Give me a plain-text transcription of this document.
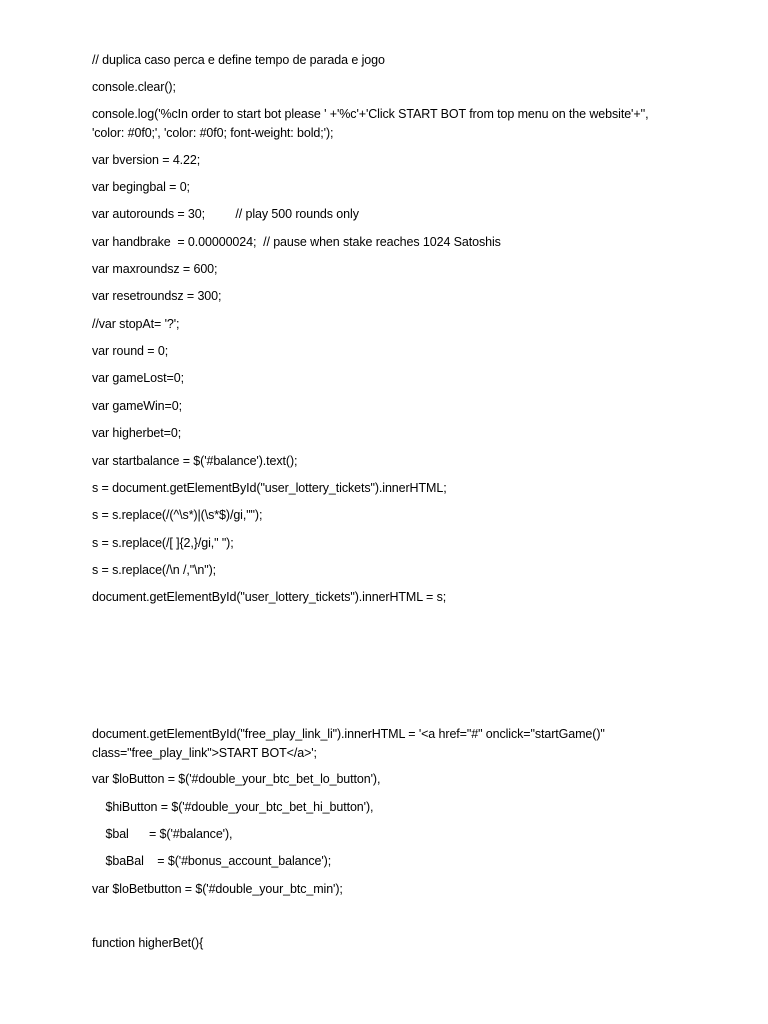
// duplica caso perca e define tempo de parada e jogo
console.clear();
console.log('%cIn order to start bot please ' +'%c'+'Click START BOT from top menu on the website'+'',
'color: #0f0;', 'color: #0f0; font-weight: bold;');
var bversion = 4.22;
var begingbal = 0;
var autorounds = 30;         // play 500 rounds only
var handbrake  = 0.00000024;  // pause when stake reaches 1024 Satoshis
var maxroundsz = 600;
var resetroundsz = 300;
//var stopAt= '?';
var round = 0;
var gameLost=0;
var gameWin=0;
var higherbet=0;
var startbalance = $('#balance').text();
s = document.getElementById("user_lottery_tickets").innerHTML;
s = s.replace(/(^\s*)|(\s*$)/gi,"");
s = s.replace(/[ ]{2,}/gi," ");
s = s.replace(/\n /,"\n");
document.getElementById("user_lottery_tickets").innerHTML = s;
document.getElementById("free_play_link_li").innerHTML = '<a href="#" onclick="startGame()"
class="free_play_link">START BOT</a>';
var $loButton = $('#double_your_btc_bet_lo_button'),
$hiButton = $('#double_your_btc_bet_hi_button'),
$bal      = $('#balance'),
$baBal    = $('#bonus_account_balance');
var $loBetbutton = $('#double_your_btc_min');
function higherBet(){
